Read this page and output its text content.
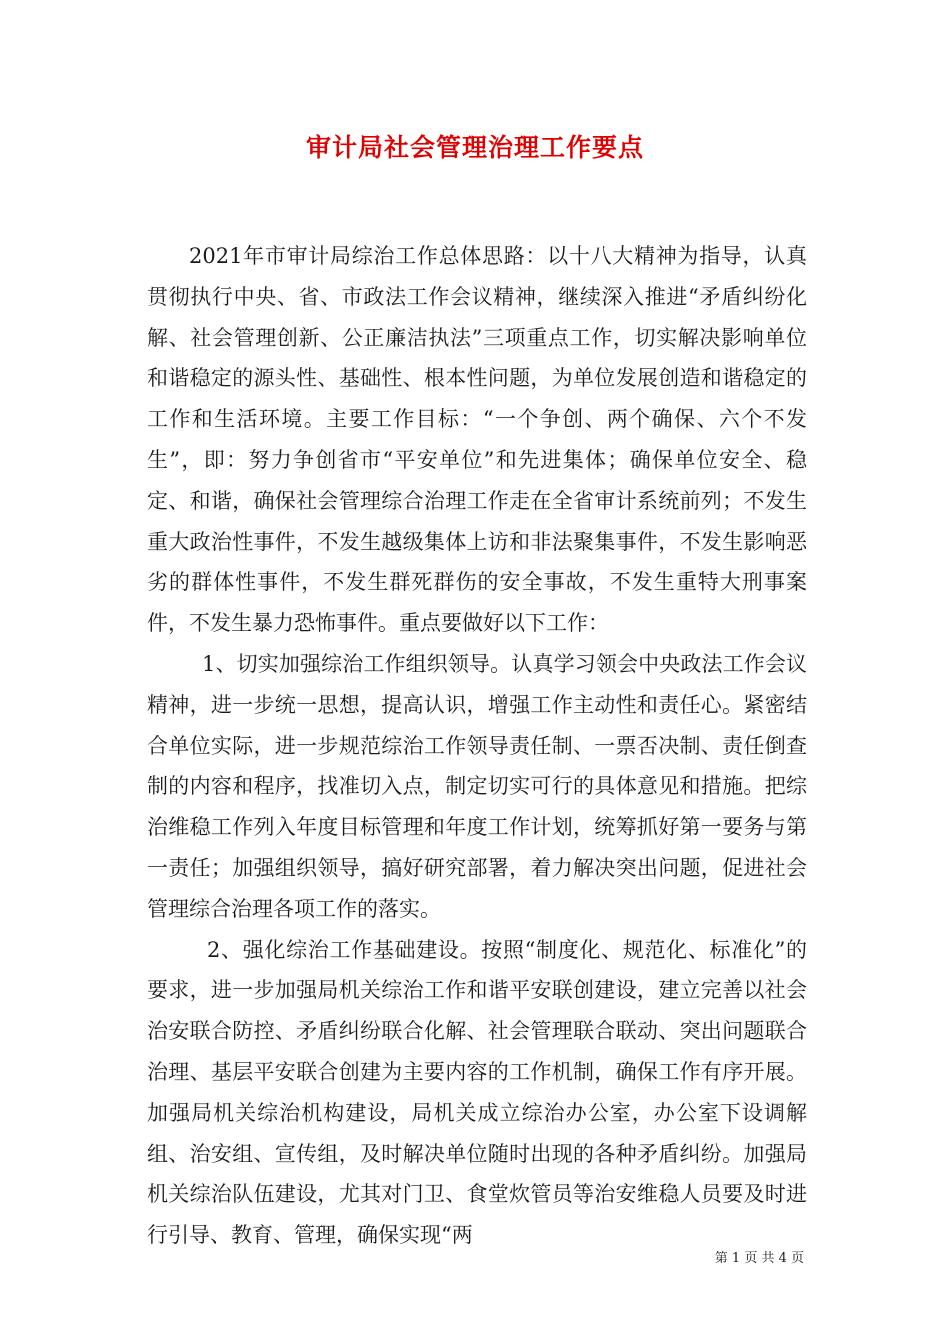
审计局社会管理治理工作要点

2021年市审计局综治工作总体思路：以十八大精神为指导，认真贯彻执行中央、省、市政法工作会议精神，继续深入推进“矛盾纠纷化解、社会管理创新、公正廉洁执法”三项重点工作，切实解决影响单位和谐稳定的源头性、基础性、根本性问题，为单位发展创造和谐稳定的工作和生活环境。主要工作目标：“一个争创、两个确保、六个不发生”，即：努力争创省市“平安单位”和先进集体；确保单位安全、稳定、和谐，确保社会管理综合治理工作走在全省审计系统前列；不发生重大政治性事件，不发生越级集体上访和非法聚集事件，不发生影响恶劣的群体性事件，不发生群死群伤的安全事故，不发生重特大刑事案件，不发生暴力恐怖事件。重点要做好以下工作：

1、切实加强综治工作组织领导。认真学习领会中央政法工作会议精神，进一步统一思想，提高认识，增强工作主动性和责任心。紧密结合单位实际，进一步规范综治工作领导责任制、一票否决制、责任倒查制的内容和程序，找准切入点，制定切实可行的具体意见和措施。把综治维稳工作列入年度目标管理和年度工作计划，统筹抓好第一要务与第一责任；加强组织领导，搞好研究部署，着力解决突出问题，促进社会管理综合治理各项工作的落实。

2、强化综治工作基础建设。按照“制度化、规范化、标准化”的要求，进一步加强局机关综治工作和谐平安联创建设，建立完善以社会治安联合防控、矛盾纠纷联合化解、社会管理联合联动、突出问题联合治理、基层平安联合创建为主要内容的工作机制，确保工作有序开展。加强局机关综治机构建设，局机关成立综治办公室，办公室下设调解组、治安组、宣传组，及时解决单位随时出现的各种矛盾纠纷。加强局机关综治队伍建设，尤其对门卫、食堂炊管员等治安维稳人员要及时进行引导、教育、管理，确保实现“两

第 1 页 共 4 页
